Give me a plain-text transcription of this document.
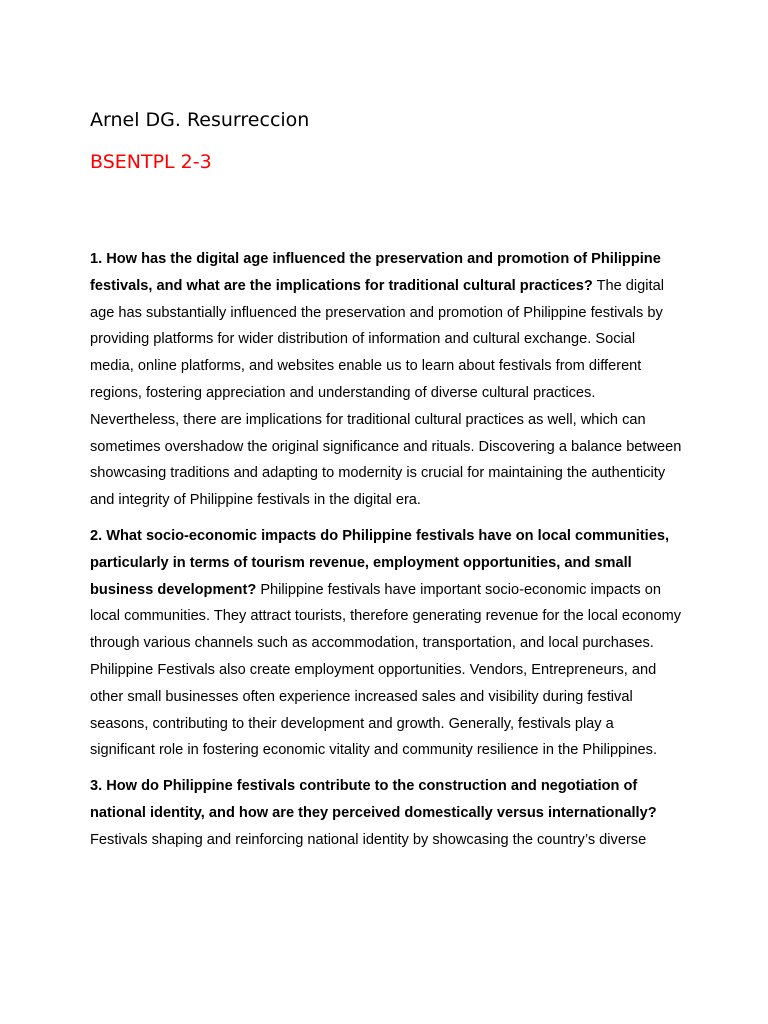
Arnel DG. Resurreccion
BSENTPL 2-3

1. How has the digital age influenced the preservation and promotion of Philippine festivals, and what are the implications for traditional cultural practices? The digital age has substantially influenced the preservation and promotion of Philippine festivals by providing platforms for wider distribution of information and cultural exchange. Social media, online platforms, and websites enable us to learn about festivals from different regions, fostering appreciation and understanding of diverse cultural practices. Nevertheless, there are implications for traditional cultural practices as well, which can sometimes overshadow the original significance and rituals. Discovering a balance between showcasing traditions and adapting to modernity is crucial for maintaining the authenticity and integrity of Philippine festivals in the digital era.

2. What socio-economic impacts do Philippine festivals have on local communities, particularly in terms of tourism revenue, employment opportunities, and small business development? Philippine festivals have important socio-economic impacts on local communities. They attract tourists, therefore generating revenue for the local economy through various channels such as accommodation, transportation, and local purchases. Philippine Festivals also create employment opportunities. Vendors, Entrepreneurs, and other small businesses often experience increased sales and visibility during festival seasons, contributing to their development and growth. Generally, festivals play a significant role in fostering economic vitality and community resilience in the Philippines.

3. How do Philippine festivals contribute to the construction and negotiation of national identity, and how are they perceived domestically versus internationally? Festivals shaping and reinforcing national identity by showcasing the country’s diverse
